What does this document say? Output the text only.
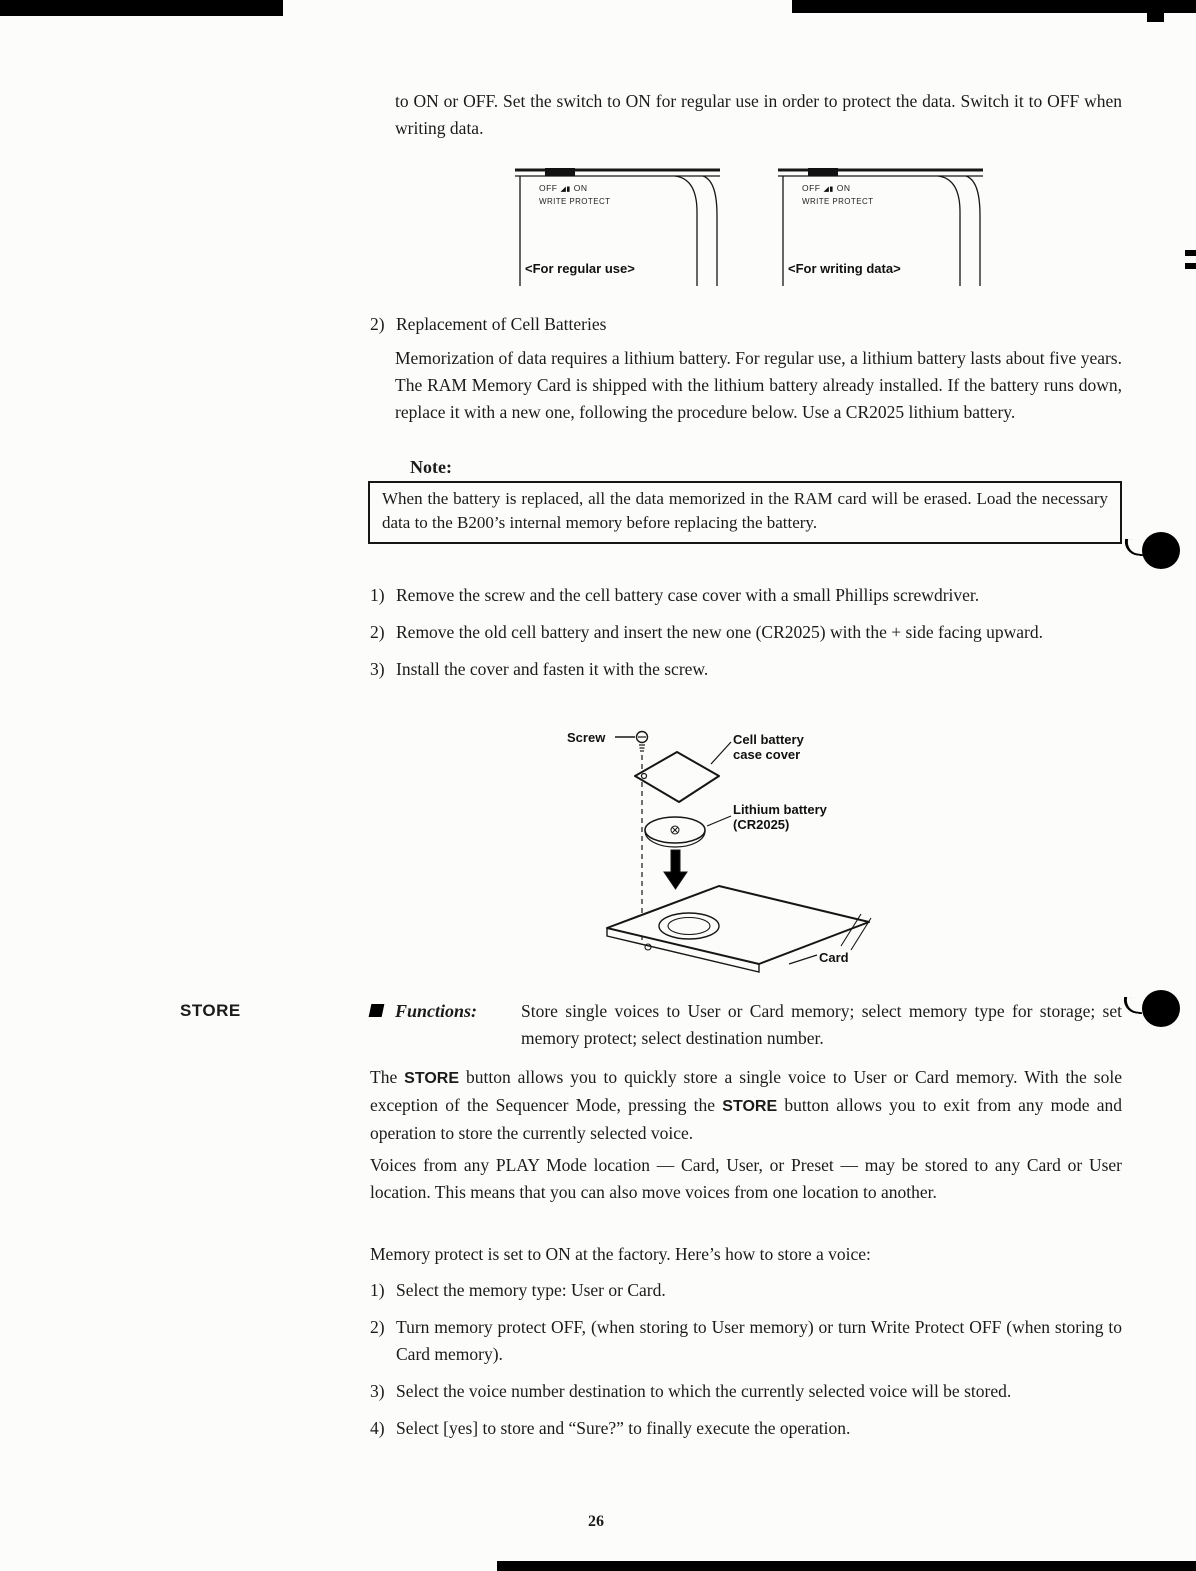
to ON or OFF. Set the switch to ON for regular use in order to protect the data. Switch it to OFF when writing data.

OFF ◢▮ ON
WRITE PROTECT
<For regular use>
OFF ◢▮ ON
WRITE PROTECT
<For writing data>
2) Replacement of Cell Batteries

Memorization of data requires a lithium battery. For regular use, a lithium battery lasts about five years. The RAM Memory Card is shipped with the lithium battery already installed. If the battery runs down, replace it with a new one, following the procedure below. Use a CR2025 lithium battery.

Note:
When the battery is replaced, all the data memorized in the RAM card will be erased. Load the necessary data to the B200’s internal memory before replacing the battery.
1) Remove the screw and the cell battery case cover with a small Phillips screwdriver.
2) Remove the old cell battery and insert the new one (CR2025) with the + side facing upward.
3) Install the cover and fasten it with the screw.
Screw	Cell battery case cover
Lithium battery (CR2025)
Card
STORE	Functions:	Store single voices to User or Card memory; select memory type for storage; set memory protect; select destination number.

The STORE button allows you to quickly store a single voice to User or Card memory. With the sole exception of the Sequencer Mode, pressing the STORE button allows you to exit from any mode and operation to store the currently selected voice.

Voices from any PLAY Mode location — Card, User, or Preset — may be stored to any Card or User location. This means that you can also move voices from one location to another.

Memory protect is set to ON at the factory. Here’s how to store a voice:

1) Select the memory type: User or Card.
2) Turn memory protect OFF, (when storing to User memory) or turn Write Protect OFF (when storing to Card memory).
3) Select the voice number destination to which the currently selected voice will be stored.
4) Select [yes] to store and “Sure?” to finally execute the operation.
26
